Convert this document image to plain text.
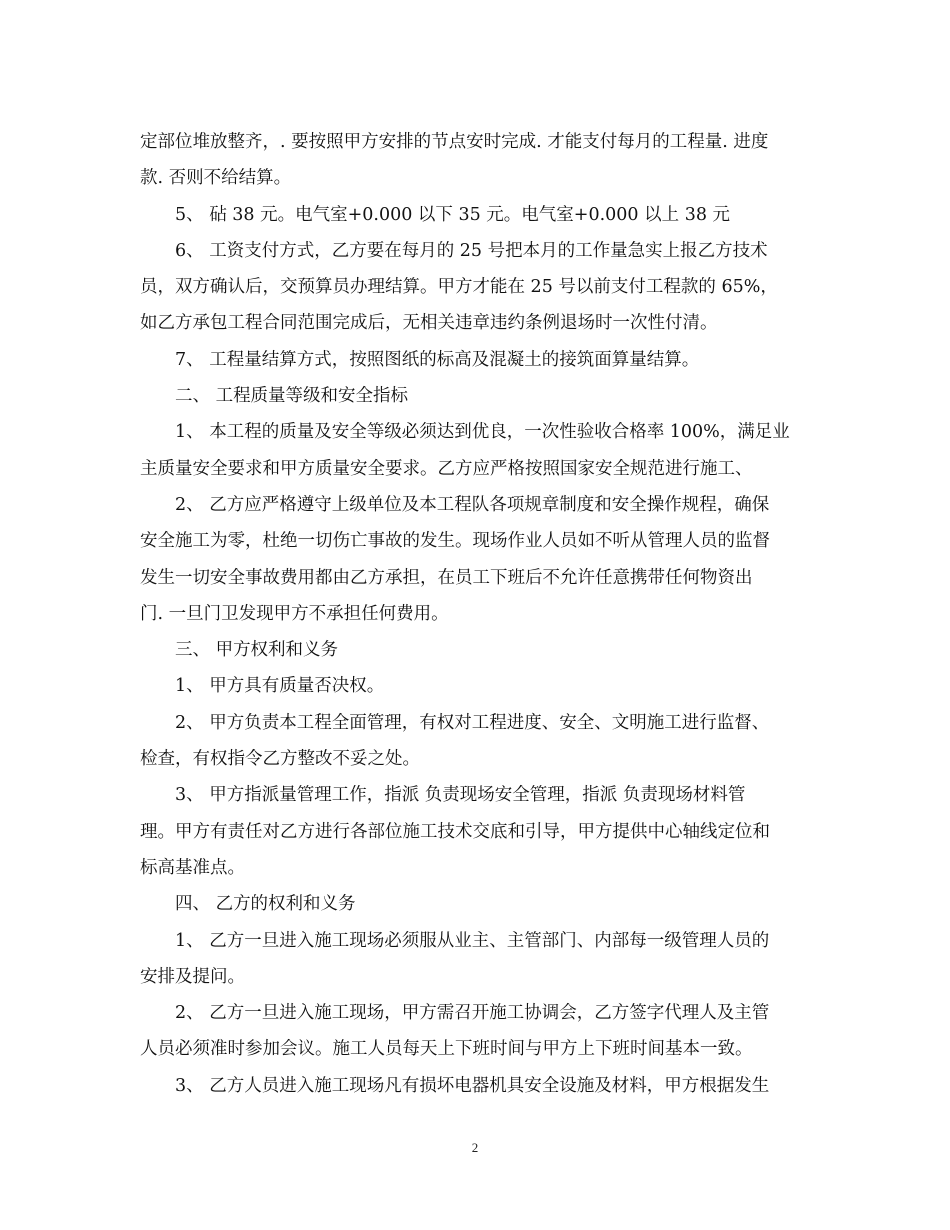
定部位堆放整齐，. 要按照甲方安排的节点安时完成. 才能支付每月的工程量. 进度
款. 否则不给结算。
5、 砧 38 元。电气室+0.000 以下 35 元。电气室+0.000 以上 38 元
6、 工资支付方式，乙方要在每月的 25 号把本月的工作量急实上报乙方技术
员，双方确认后，交预算员办理结算。甲方才能在 25 号以前支付工程款的 65%，
如乙方承包工程合同范围完成后，无相关违章违约条例退场时一次性付清。
7、 工程量结算方式，按照图纸的标高及混凝土的接筑面算量结算。
二、 工程质量等级和安全指标
1、 本工程的质量及安全等级必须达到优良，一次性验收合格率 100%，满足业
主质量安全要求和甲方质量安全要求。乙方应严格按照国家安全规范进行施工、
2、 乙方应严格遵守上级单位及本工程队各项规章制度和安全操作规程，确保
安全施工为零，杜绝一切伤亡事故的发生。现场作业人员如不听从管理人员的监督
发生一切安全事故费用都由乙方承担，在员工下班后不允许任意携带任何物资出
门. 一旦门卫发现甲方不承担任何费用。
三、 甲方权利和义务
1、 甲方具有质量否决权。
2、 甲方负责本工程全面管理，有权对工程进度、安全、文明施工进行监督、
检查，有权指令乙方整改不妥之处。
3、 甲方指派量管理工作，指派 负责现场安全管理，指派 负责现场材料管
理。甲方有责任对乙方进行各部位施工技术交底和引导，甲方提供中心轴线定位和
标高基准点。
四、 乙方的权利和义务
1、 乙方一旦进入施工现场必须服从业主、主管部门、内部每一级管理人员的
安排及提问。
2、 乙方一旦进入施工现场，甲方需召开施工协调会，乙方签字代理人及主管
人员必须准时参加会议。施工人员每天上下班时间与甲方上下班时间基本一致。
3、 乙方人员进入施工现场凡有损坏电器机具安全设施及材料，甲方根据发生
2
